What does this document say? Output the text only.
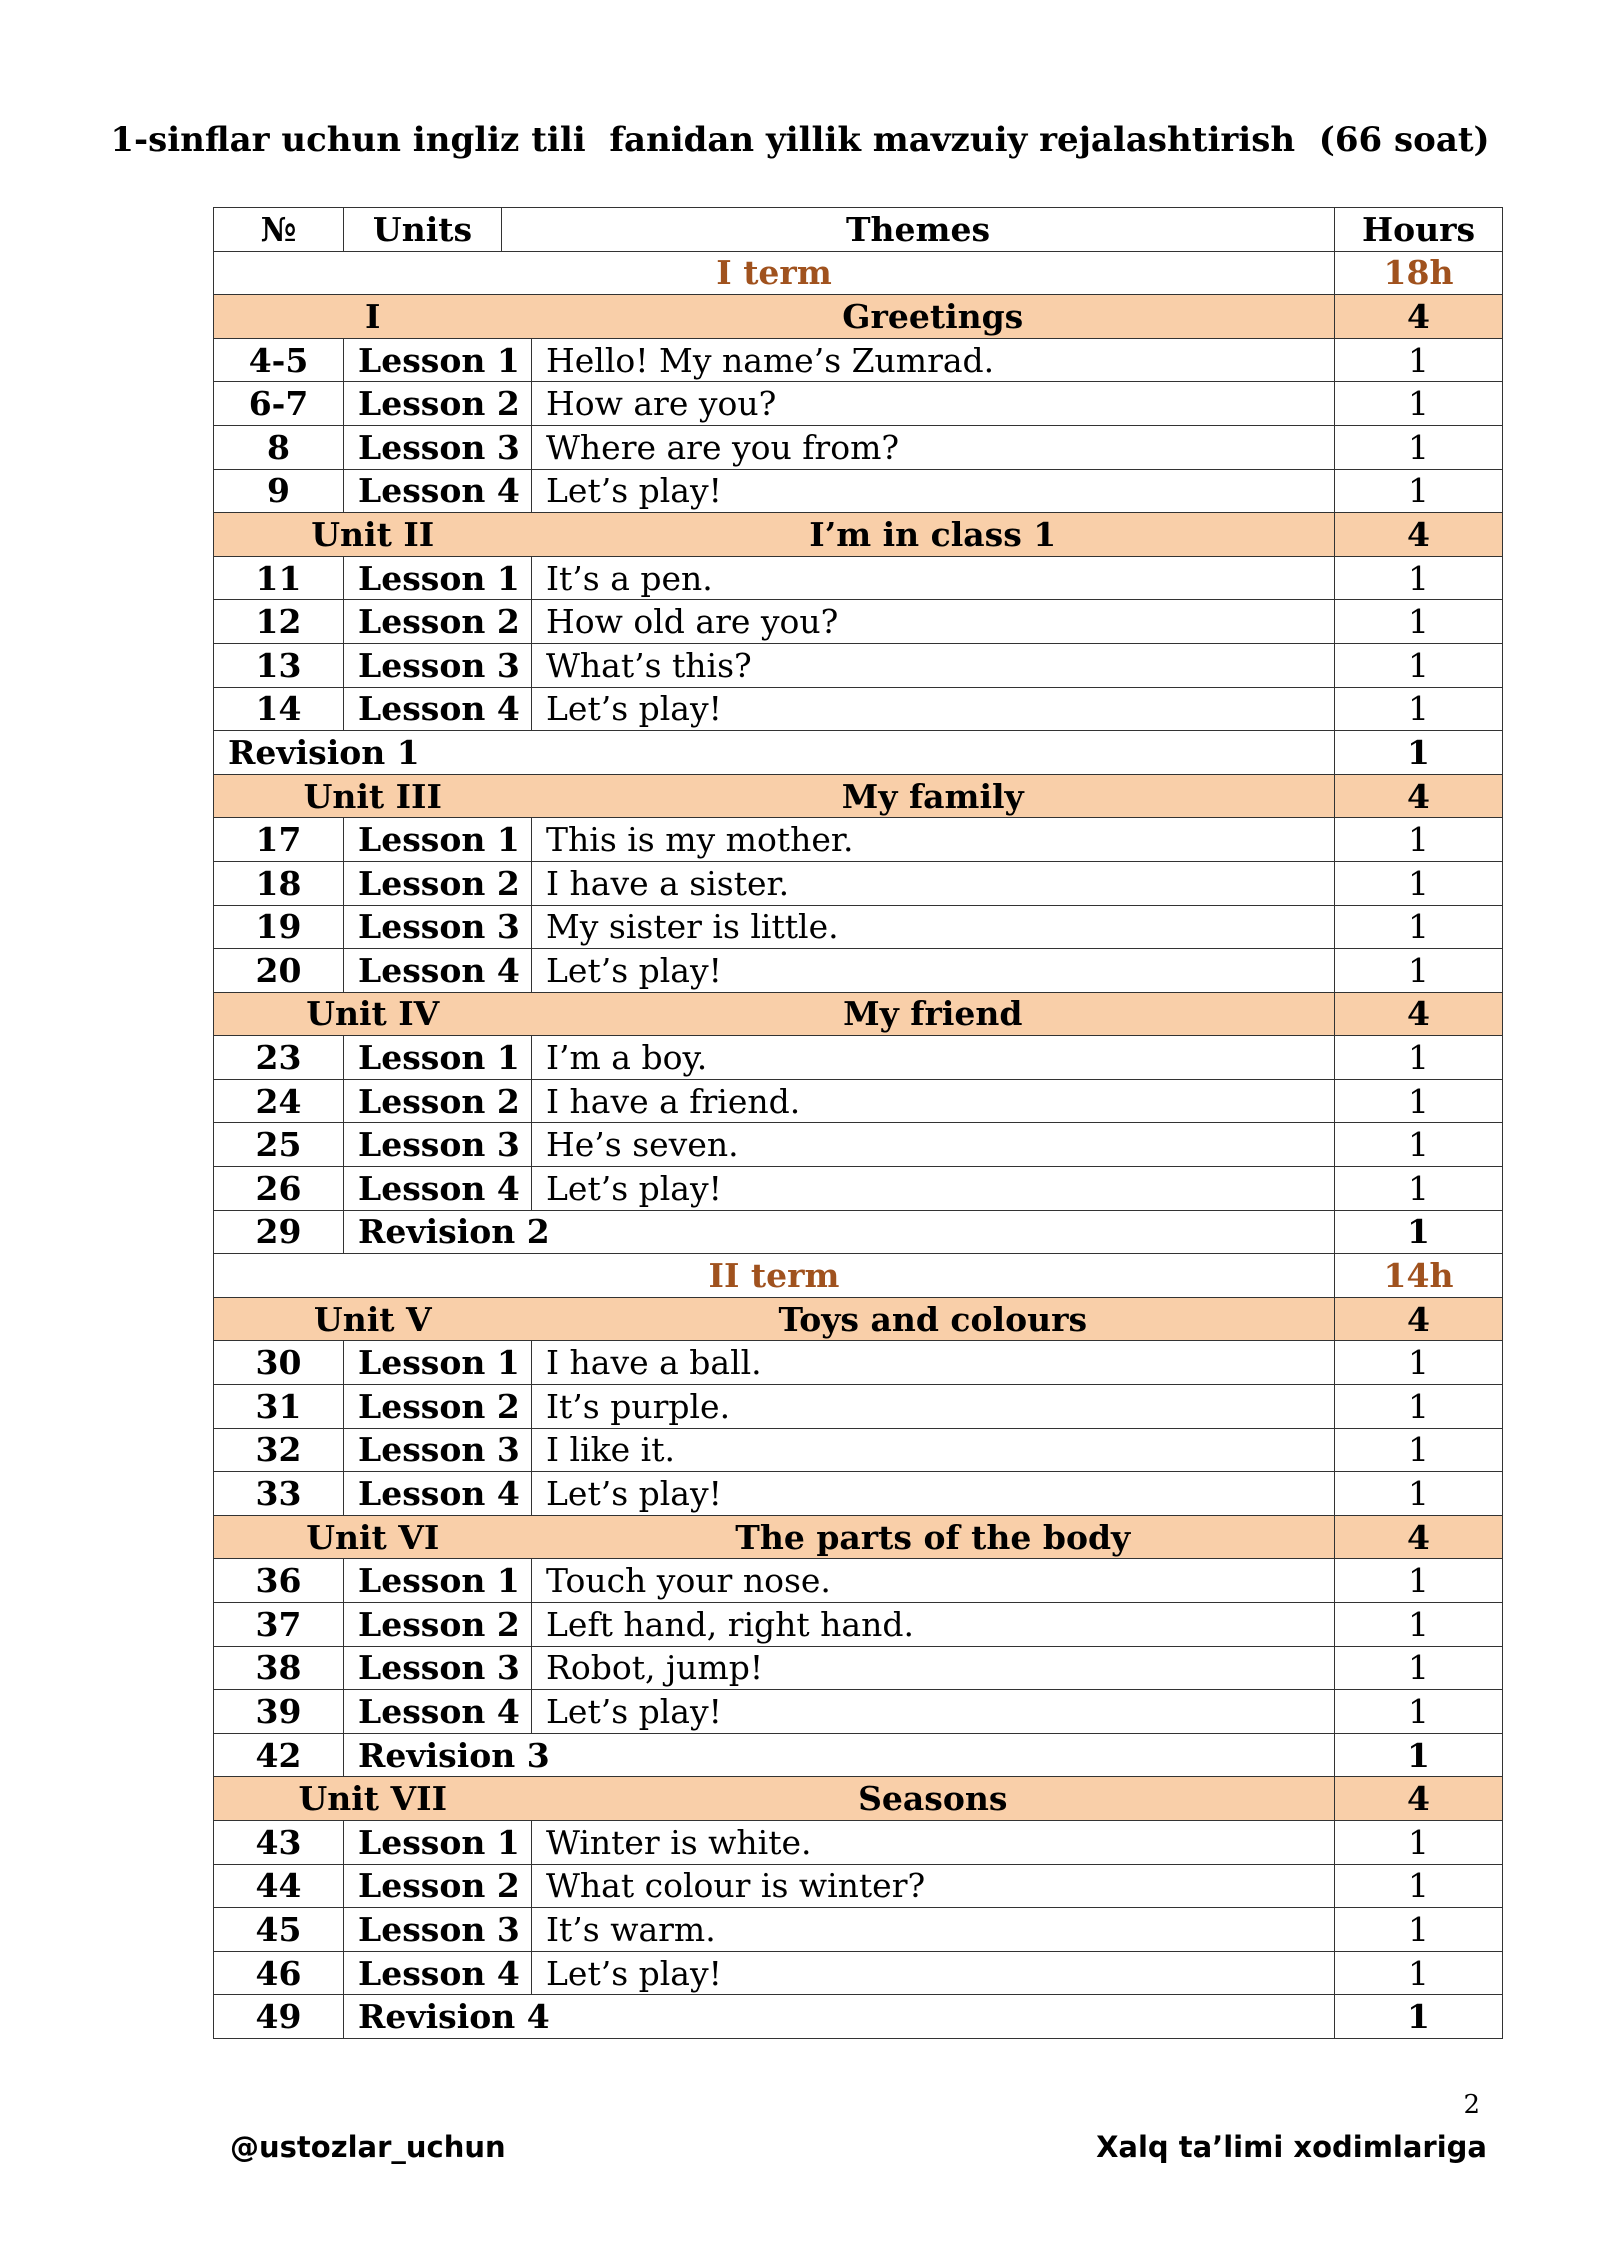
1-sinflar uchun ingliz tili  fanidan yillik mavzuiy rejalashtirish  (66 soat)
№	Units	Themes		Hours
I term				18h
I			Greetings	4
4-5	Lesson 1		Hello! My name’s Zumrad.	1
6-7	Lesson 2		How are you?	1
8	Lesson 3		Where are you from?	1
9	Lesson 4		Let’s play!	1
Unit II			I’m in class 1	4
11	Lesson 1		It’s a pen.	1
12	Lesson 2		How old are you?	1
13	Lesson 3		What’s this?	1
14	Lesson 4		Let’s play!	1
Revision 1				1
Unit III			My family	4
17	Lesson 1		This is my mother.	1
18	Lesson 2		I have a sister.	1
19	Lesson 3		My sister is little.	1
20	Lesson 4		Let’s play!	1
Unit IV			My friend	4
23	Lesson 1		I’m a boy.	1
24	Lesson 2		I have a friend.	1
25	Lesson 3		He’s seven.	1
26	Lesson 4		Let’s play!	1
29	Revision 2			1
II term				14h
Unit V			Toys and colours	4
30	Lesson 1		I have a ball.	1
31	Lesson 2		It’s purple.	1
32	Lesson 3		I like it.	1
33	Lesson 4		Let’s play!	1
Unit VI			The parts of the body	4
36	Lesson 1		Touch your nose.	1
37	Lesson 2		Left hand, right hand.	1
38	Lesson 3		Robot, jump!	1
39	Lesson 4		Let’s play!	1
42	Revision 3			1
Unit VII			Seasons	4
43	Lesson 1		Winter is white.	1
44	Lesson 2		What colour is winter?	1
45	Lesson 3		It’s warm.	1
46	Lesson 4		Let’s play!	1
49	Revision 4			1
2
@ustozlar_uchun	Xalq ta’limi xodimlariga
